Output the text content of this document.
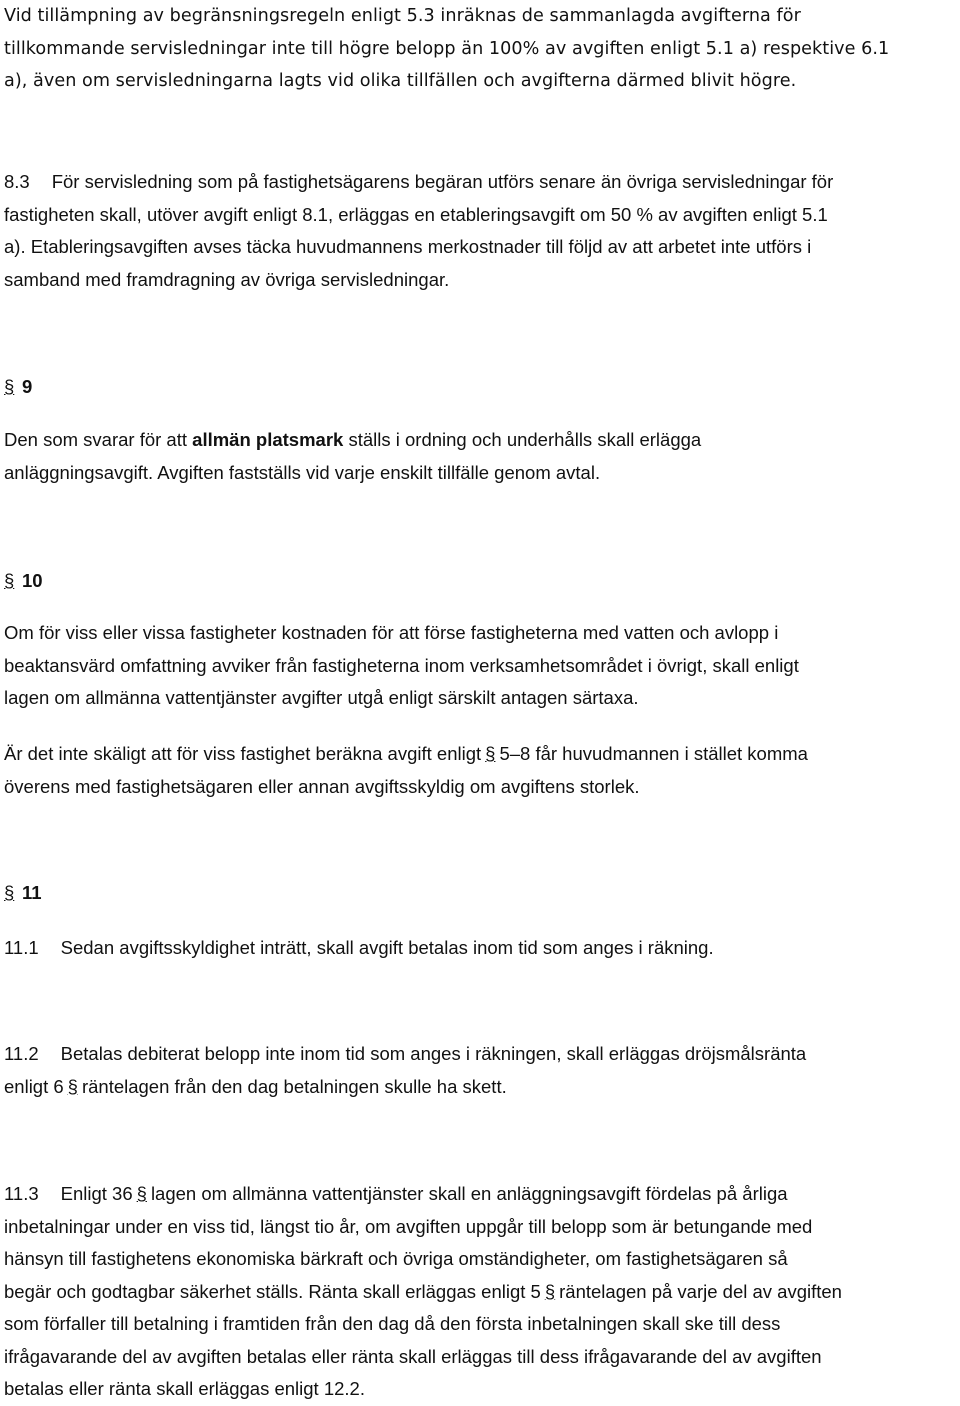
Vid tillämpning av begränsningsregeln enligt 5.3 inräknas de sammanlagda avgifterna för
tillkommande servisledningar inte till högre belopp än 100% av avgiften enligt 5.1 a) respektive 6.1
a), även om servisledningarna lagts vid olika tillfällen och avgifterna därmed blivit högre.
8.3 För servisledning som på fastighetsägarens begäran utförs senare än övriga servisledningar för
fastigheten skall, utöver avgift enligt 8.1, erläggas en etableringsavgift om 50 % av avgiften enligt 5.1
a). Etableringsavgiften avses täcka huvudmannens merkostnader till följd av att arbetet inte utförs i
samband med framdragning av övriga servisledningar.
§ 9
Den som svarar för att allmän platsmark ställs i ordning och underhålls skall erlägga
anläggningsavgift. Avgiften fastställs vid varje enskilt tillfälle genom avtal.
§ 10
Om för viss eller vissa fastigheter kostnaden för att förse fastigheterna med vatten och avlopp i
beaktansvärd omfattning avviker från fastigheterna inom verksamhetsområdet i övrigt, skall enligt
lagen om allmänna vattentjänster avgifter utgå enligt särskilt antagen särtaxa.
Är det inte skäligt att för viss fastighet beräkna avgift enligt § 5–8 får huvudmannen i stället komma
överens med fastighetsägaren eller annan avgiftsskyldig om avgiftens storlek.
§ 11
11.1 Sedan avgiftsskyldighet inträtt, skall avgift betalas inom tid som anges i räkning.
11.2 Betalas debiterat belopp inte inom tid som anges i räkningen, skall erläggas dröjsmålsränta
enligt 6 § räntelagen från den dag betalningen skulle ha skett.
11.3 Enligt 36 § lagen om allmänna vattentjänster skall en anläggningsavgift fördelas på årliga
inbetalningar under en viss tid, längst tio år, om avgiften uppgår till belopp som är betungande med
hänsyn till fastighetens ekonomiska bärkraft och övriga omständigheter, om fastighetsägaren så
begär och godtagbar säkerhet ställs. Ränta skall erläggas enligt 5 § räntelagen på varje del av avgiften
som förfaller till betalning i framtiden från den dag då den första inbetalningen skall ske till dess
ifrågavarande del av avgiften betalas eller ränta skall erläggas till dess ifrågavarande del av avgiften
betalas eller ränta skall erläggas enligt 12.2.
